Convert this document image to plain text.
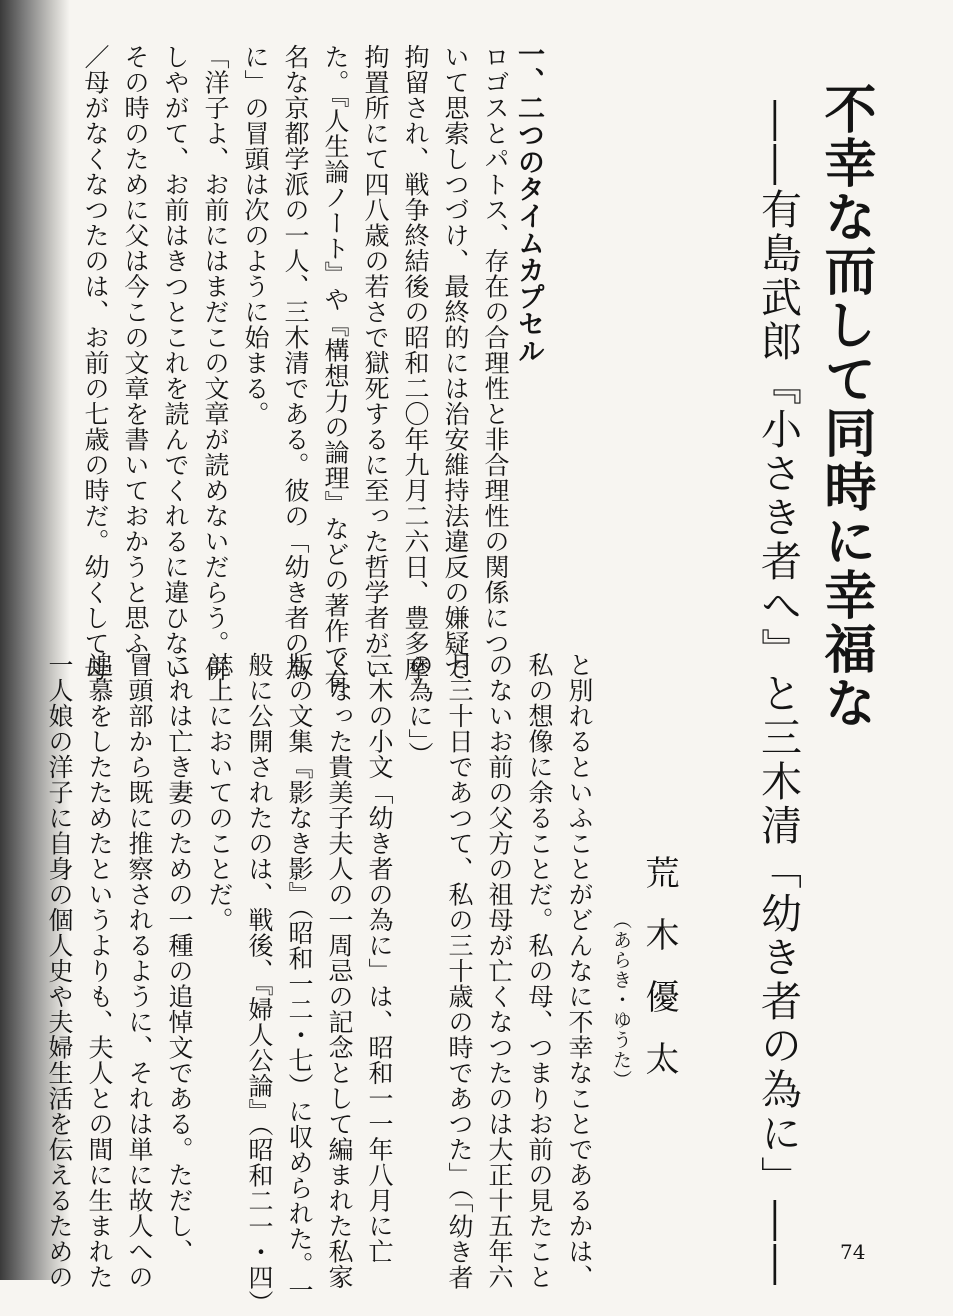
不幸な而して同時に幸福な
――有島武郎『小さき者へ』と三木清「幼き者の為に」――
荒木優太
（あらき・ゆうた）
一、二つのタイムカプセル

ロゴスとパトス、存在の合理性と非合理性の関係につ

いて思索しつづけ、最終的には治安維持法違反の嫌疑で

拘留され、戦争終結後の昭和二〇年九月二六日、豊多摩

拘置所にて四八歳の若さで獄死するに至った哲学者がい

た。『人生論ノート』や『構想力の論理』などの著作で有

名な京都学派の一人、三木清である。彼の「幼き者の為

に」の冒頭は次のように始まる。

「洋子よ、お前にはまだこの文章が読めないだらう。併

しやがて、お前はきつとこれを読んでくれるに違ひない。

その時のために父は今この文章を書いておかうと思ふ。

／母がなくなつたのは、お前の七歳の時だ。幼くして母

と別れるといふことがどんなに不幸なことであるかは、

私の想像に余ることだ。私の母、つまりお前の見たこと

のないお前の父方の祖母が亡くなつたのは大正十五年六

月三十日であつて、私の三十歳の時であつた」（「幼き者

の為に」）

三木の小文「幼き者の為に」は、昭和一一年八月に亡

くなった貴美子夫人の一周忌の記念として編まれた私家

版の文集『影なき影』（昭和一二・七）に収められた。一

般に公開されたのは、戦後、『婦人公論』（昭和二一・四）

誌上においてのことだ。

これは亡き妻のための一種の追悼文である。ただし、

冒頭部から既に推察されるように、それは単に故人への

追慕をしたためたというよりも、夫人との間に生まれた

一人娘の洋子に自身の個人史や夫婦生活を伝えるための	74
